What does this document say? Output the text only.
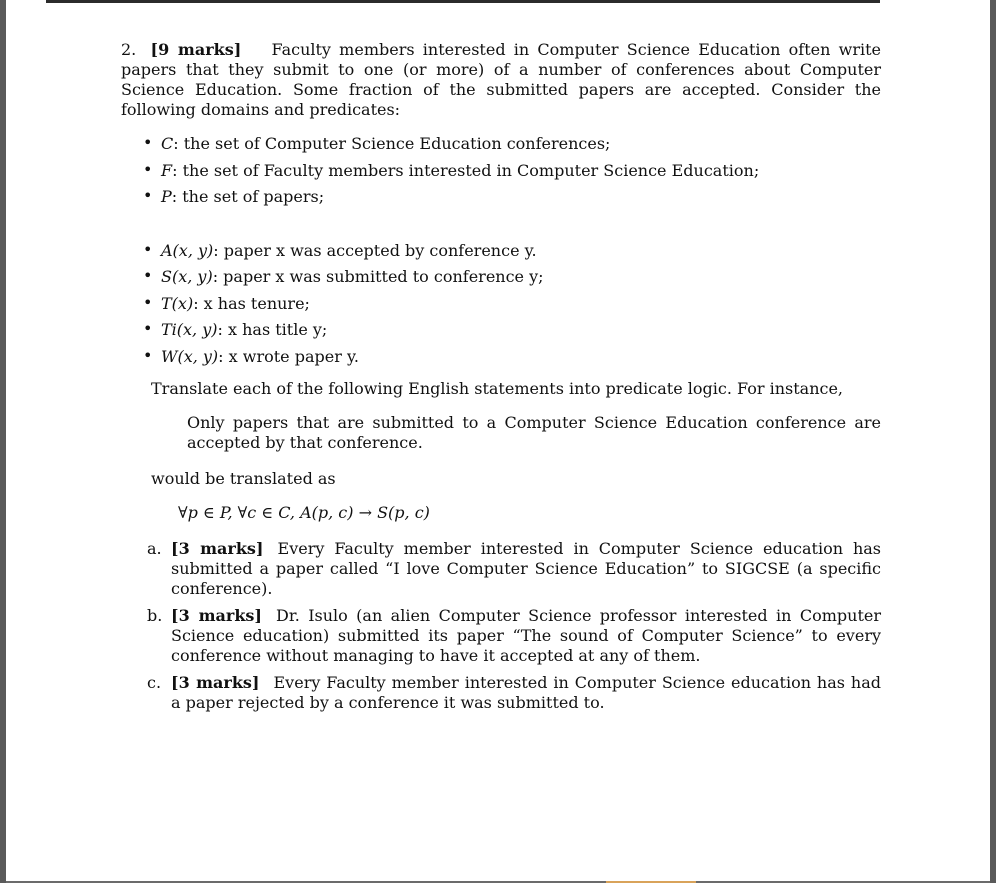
2. [9 marks] Faculty members interested in Computer Science Education often write papers that they submit to one (or more) of a number of conferences about Computer Science Education. Some fraction of the submitted papers are accepted. Consider the following domains and predicates:

• C: the set of Computer Science Education conferences;
• F: the set of Faculty members interested in Computer Science Education;
• P: the set of papers;
• A(x, y): paper x was accepted by conference y.
• S(x, y): paper x was submitted to conference y;
• T(x): x has tenure;
• Ti(x, y): x has title y;
• W(x, y): x wrote paper y.

Translate each of the following English statements into predicate logic. For instance,

Only papers that are submitted to a Computer Science Education conference are accepted by that conference.

would be translated as

∀p ∈ P, ∀c ∈ C, A(p, c) → S(p, c)

a. [3 marks] Every Faculty member interested in Computer Science education has submitted a paper called “I love Computer Science Education” to SIGCSE (a specific conference).
b. [3 marks] Dr. Isulo (an alien Computer Science professor interested in Computer Science education) submitted its paper “The sound of Computer Science” to every conference without managing to have it accepted at any of them.
c. [3 marks] Every Faculty member interested in Computer Science education has had a paper rejected by a conference it was submitted to.
